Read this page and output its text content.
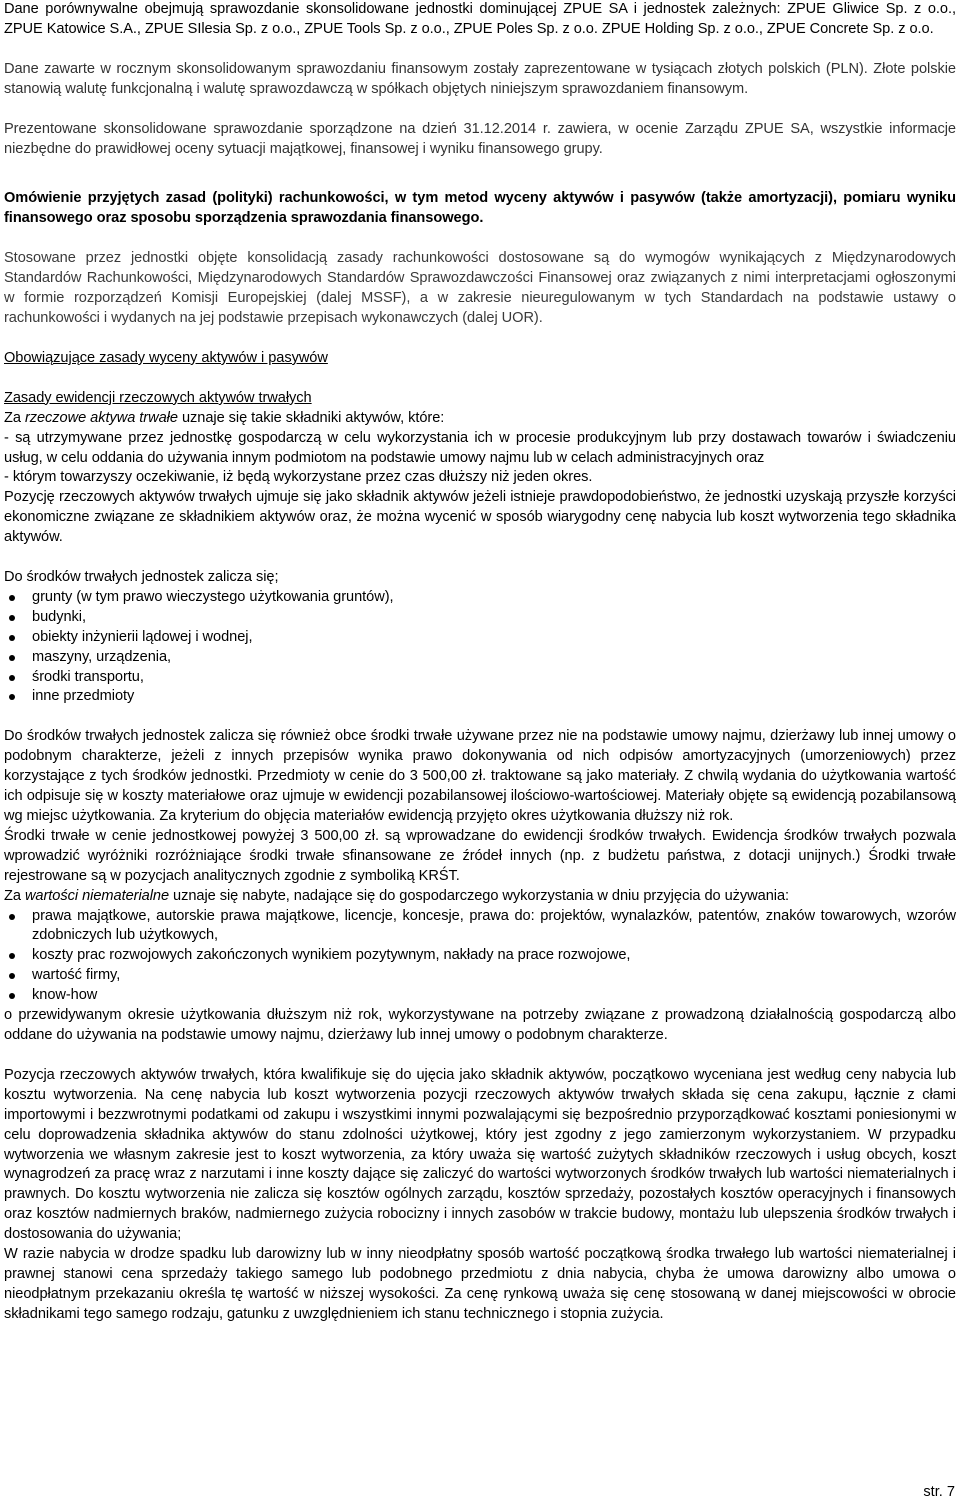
Dane porównywalne obejmują sprawozdanie skonsolidowane jednostki dominującej ZPUE SA i jednostek zależnych: ZPUE Gliwice Sp. z o.o., ZPUE Katowice S.A., ZPUE SIlesia Sp. z o.o., ZPUE Tools Sp. z o.o., ZPUE Poles Sp. z o.o. ZPUE Holding Sp. z o.o., ZPUE Concrete Sp. z o.o.

Dane zawarte w rocznym skonsolidowanym sprawozdaniu finansowym zostały zaprezentowane w tysiącach złotych polskich (PLN). Złote polskie stanowią walutę funkcjonalną i walutę sprawozdawczą w spółkach objętych niniejszym sprawozdaniem finansowym.

Prezentowane skonsolidowane sprawozdanie sporządzone na dzień 31.12.2014 r. zawiera, w ocenie Zarządu ZPUE SA, wszystkie informacje niezbędne do prawidłowej oceny sytuacji majątkowej, finansowej i wyniku finansowego grupy.

Omówienie przyjętych zasad (polityki) rachunkowości, w tym metod wyceny aktywów i pasywów (także amortyzacji), pomiaru wyniku finansowego oraz sposobu sporządzenia sprawozdania finansowego.

Stosowane przez jednostki objęte konsolidacją zasady rachunkowości dostosowane są do wymogów wynikających z Międzynarodowych Standardów Rachunkowości, Międzynarodowych Standardów Sprawozdawczości Finansowej oraz związanych z nimi interpretacjami ogłoszonymi w formie rozporządzeń Komisji Europejskiej (dalej MSSF), a w zakresie nieuregulowanym w tych Standardach na podstawie ustawy o rachunkowości i wydanych na jej podstawie przepisach wykonawczych (dalej UOR).

Obowiązujące zasady wyceny aktywów i pasywów

Zasady ewidencji rzeczowych aktywów trwałych

Za rzeczowe aktywa trwałe uznaje się takie składniki aktywów, które:

- są utrzymywane przez jednostkę gospodarczą w celu wykorzystania ich w procesie produkcyjnym lub przy dostawach towarów i świadczeniu usług, w celu oddania do używania innym podmiotom na podstawie umowy najmu lub w celach administracyjnych oraz

- którym towarzyszy oczekiwanie, iż będą wykorzystane przez czas dłuższy niż jeden okres.

Pozycję rzeczowych aktywów trwałych ujmuje się jako składnik aktywów jeżeli istnieje prawdopodobieństwo, że jednostki uzyskają przyszłe korzyści ekonomiczne związane ze składnikiem aktywów oraz, że można wycenić w sposób wiarygodny cenę nabycia lub koszt wytworzenia tego składnika aktywów.

Do środków trwałych jednostek zalicza się;

grunty (w tym prawo wieczystego użytkowania gruntów),
budynki,
obiekty inżynierii lądowej i wodnej,
maszyny, urządzenia,
środki transportu,
inne przedmioty

Do środków trwałych jednostek zalicza się również obce środki trwałe używane przez nie na podstawie umowy najmu, dzierżawy lub innej umowy o podobnym charakterze, jeżeli z innych przepisów wynika prawo dokonywania od nich odpisów amortyzacyjnych (umorzeniowych) przez korzystające z tych środków jednostki. Przedmioty w cenie do 3 500,00 zł. traktowane są jako materiały. Z chwilą wydania do użytkowania wartość ich odpisuje się w koszty materiałowe oraz ujmuje w ewidencji pozabilansowej ilościowo-wartościowej. Materiały objęte są ewidencją pozabilansową wg miejsc użytkowania. Za kryterium do objęcia materiałów ewidencją przyjęto okres użytkowania dłuższy niż rok.

Środki trwałe w cenie jednostkowej powyżej 3 500,00 zł. są wprowadzane do ewidencji środków trwałych. Ewidencja środków trwałych pozwala wprowadzić wyróżniki rozróżniające środki trwałe sfinansowane ze źródeł innych (np. z budżetu państwa, z dotacji unijnych.) Środki trwałe rejestrowane są w pozycjach analitycznych zgodnie z symboliką KRŚT.

Za wartości niematerialne uznaje się nabyte, nadające się do gospodarczego wykorzystania w dniu przyjęcia do używania:

prawa majątkowe, autorskie prawa majątkowe, licencje, koncesje, prawa do: projektów, wynalazków, patentów, znaków towarowych, wzorów zdobniczych lub użytkowych,
koszty prac rozwojowych zakończonych wynikiem pozytywnym, nakłady na prace rozwojowe,
wartość firmy,
know-how

o przewidywanym okresie użytkowania dłuższym niż rok, wykorzystywane na potrzeby związane z prowadzoną działalnością gospodarczą albo oddane do używania na podstawie umowy najmu, dzierżawy lub innej umowy o podobnym charakterze.

Pozycja rzeczowych aktywów trwałych, która kwalifikuje się do ujęcia jako składnik aktywów, początkowo wyceniana jest według ceny nabycia lub kosztu wytworzenia. Na cenę nabycia lub koszt wytworzenia pozycji rzeczowych aktywów trwałych składa się cena zakupu, łącznie z cłami importowymi i bezzwrotnymi podatkami od zakupu i wszystkimi innymi pozwalającymi się bezpośrednio przyporządkować kosztami poniesionymi w celu doprowadzenia składnika aktywów do stanu zdolności użytkowej, który jest zgodny z jego zamierzonym wykorzystaniem. W przypadku wytworzenia we własnym zakresie jest to koszt wytworzenia, za który uważa się wartość zużytych składników rzeczowych i usług obcych, koszt wynagrodzeń za pracę wraz z narzutami i inne koszty dające się zaliczyć do wartości wytworzonych środków trwałych lub wartości niematerialnych i prawnych. Do kosztu wytworzenia nie zalicza się kosztów ogólnych zarządu, kosztów sprzedaży, pozostałych kosztów operacyjnych i finansowych oraz kosztów nadmiernych braków, nadmiernego zużycia robocizny i innych zasobów w trakcie budowy, montażu lub ulepszenia środków trwałych i dostosowania do używania;

W razie nabycia w drodze spadku lub darowizny lub w inny nieodpłatny sposób wartość początkową środka trwałego lub wartości niematerialnej i prawnej stanowi cena sprzedaży takiego samego lub podobnego przedmiotu z dnia nabycia, chyba że umowa darowizny albo umowa o nieodpłatnym przekazaniu określa tę wartość w niższej wysokości. Za cenę rynkową uważa się cenę stosowaną w danej miejscowości w obrocie składnikami tego samego rodzaju, gatunku z uwzględnieniem ich stanu technicznego i stopnia zużycia.

str. 7
